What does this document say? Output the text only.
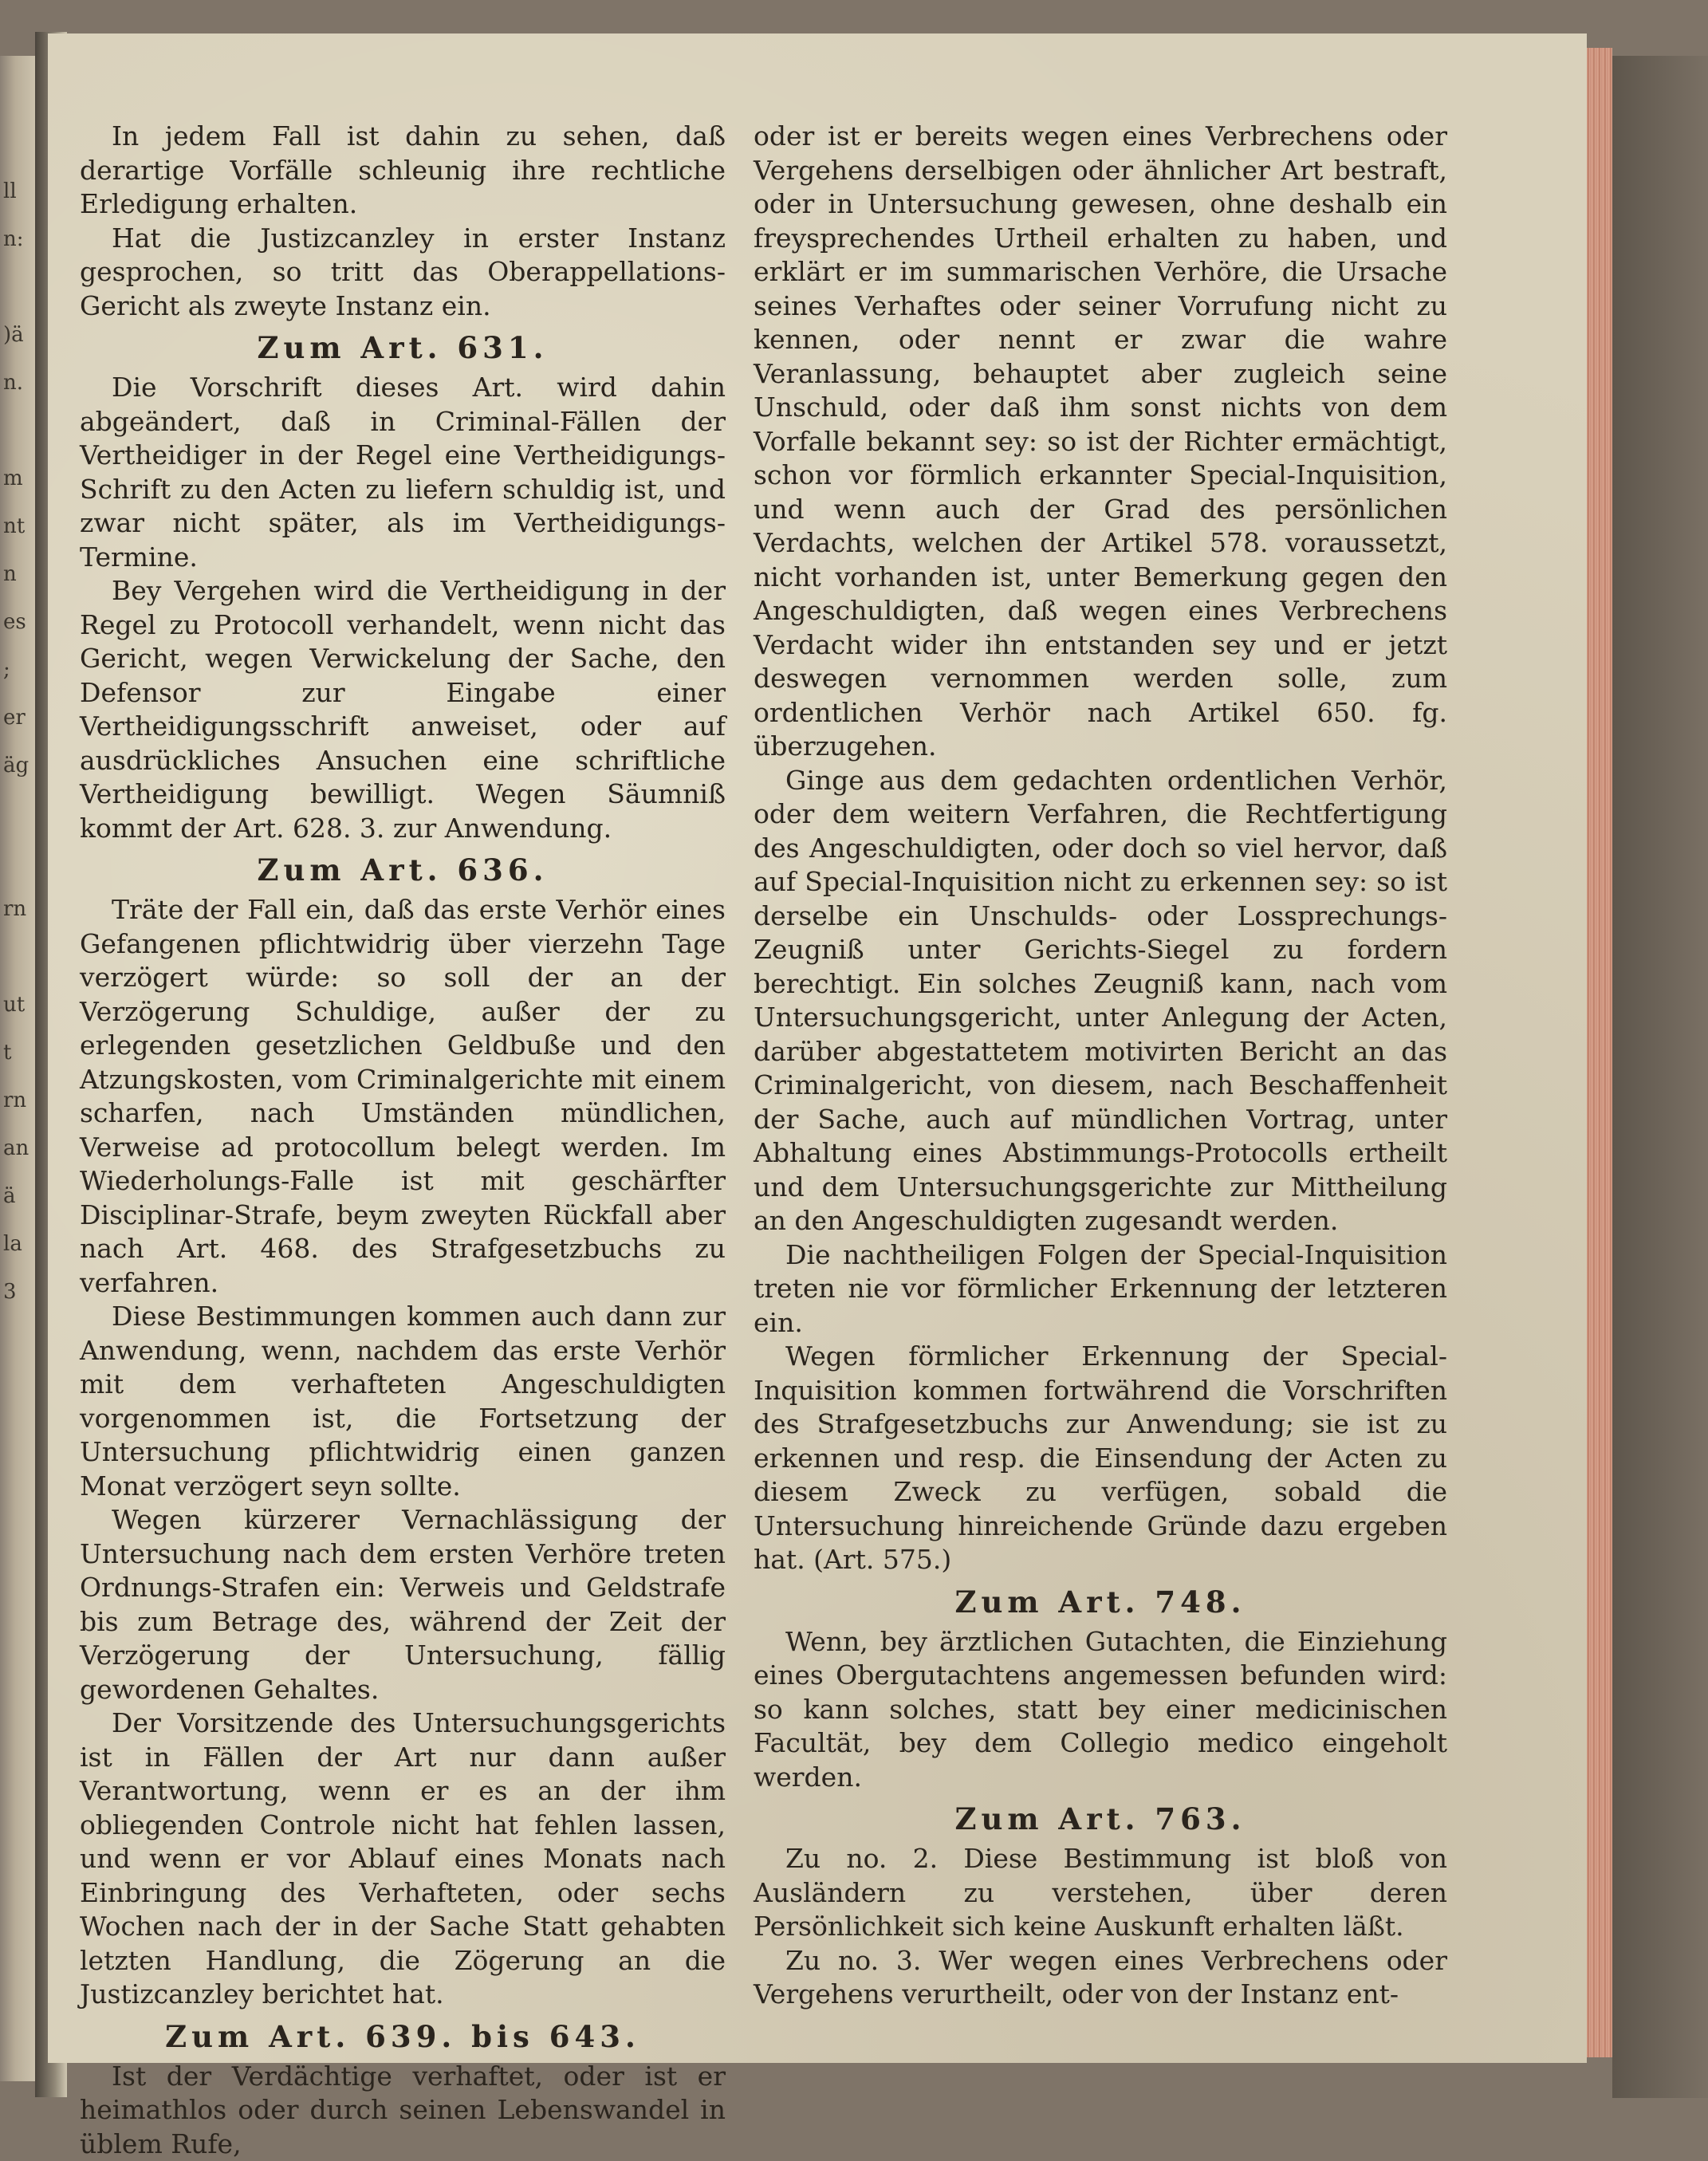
ll
n:

)ä
n.

m
nt
n
es
;
er
äg

rn

ut
t
rn
an
ä
la
3

In jedem Fall ist dahin zu sehen, daß derartige Vorfälle schleunig ihre rechtliche Erledigung erhalten.

Hat die Justizcanzley in erster Instanz gesprochen, so tritt das Oberappellations-Gericht als zweyte Instanz ein.

Zum Art. 631.

Die Vorschrift dieses Art. wird dahin abgeändert, daß in Criminal-Fällen der Vertheidiger in der Regel eine Vertheidigungs-Schrift zu den Acten zu liefern schuldig ist, und zwar nicht später, als im Vertheidigungs-Termine.

Bey Vergehen wird die Vertheidigung in der Regel zu Protocoll verhandelt, wenn nicht das Gericht, wegen Verwickelung der Sache, den Defensor zur Eingabe einer Vertheidigungsschrift anweiset, oder auf ausdrückliches Ansuchen eine schriftliche Vertheidigung bewilligt. Wegen Säumniß kommt der Art. 628. 3. zur Anwendung.

Zum Art. 636.

Träte der Fall ein, daß das erste Verhör eines Gefangenen pflichtwidrig über vierzehn Tage verzögert würde: so soll der an der Verzögerung Schuldige, außer der zu erlegenden gesetzlichen Geldbuße und den Atzungskosten, vom Criminalgerichte mit einem scharfen, nach Umständen mündlichen, Verweise ad protocollum belegt werden. Im Wiederholungs-Falle ist mit geschärfter Disciplinar-Strafe, beym zweyten Rückfall aber nach Art. 468. des Strafgesetzbuchs zu verfahren.

Diese Bestimmungen kommen auch dann zur Anwendung, wenn, nachdem das erste Verhör mit dem verhafteten Angeschuldigten vorgenommen ist, die Fortsetzung der Untersuchung pflichtwidrig einen ganzen Monat verzögert seyn sollte.

Wegen kürzerer Vernachlässigung der Untersuchung nach dem ersten Verhöre treten Ordnungs-Strafen ein: Verweis und Geldstrafe bis zum Betrage des, während der Zeit der Verzögerung der Untersuchung, fällig gewordenen Gehaltes.

Der Vorsitzende des Untersuchungsgerichts ist in Fällen der Art nur dann außer Verantwortung, wenn er es an der ihm obliegenden Controle nicht hat fehlen lassen, und wenn er vor Ablauf eines Monats nach Einbringung des Verhafteten, oder sechs Wochen nach der in der Sache Statt gehabten letzten Handlung, die Zögerung an die Justizcanzley berichtet hat.

Zum Art. 639. bis 643.

Ist der Verdächtige verhaftet, oder ist er heimathlos oder durch seinen Lebenswandel in üblem Rufe,

oder ist er bereits wegen eines Verbrechens oder Vergehens derselbigen oder ähnlicher Art bestraft, oder in Untersuchung gewesen, ohne deshalb ein freysprechendes Urtheil erhalten zu haben, und erklärt er im summarischen Verhöre, die Ursache seines Verhaftes oder seiner Vorrufung nicht zu kennen, oder nennt er zwar die wahre Veranlassung, behauptet aber zugleich seine Unschuld, oder daß ihm sonst nichts von dem Vorfalle bekannt sey: so ist der Richter ermächtigt, schon vor förmlich erkannter Special-Inquisition, und wenn auch der Grad des persönlichen Verdachts, welchen der Artikel 578. voraussetzt, nicht vorhanden ist, unter Bemerkung gegen den Angeschuldigten, daß wegen eines Verbrechens Verdacht wider ihn entstanden sey und er jetzt deswegen vernommen werden solle, zum ordentlichen Verhör nach Artikel 650. fg. überzugehen.

Ginge aus dem gedachten ordentlichen Verhör, oder dem weitern Verfahren, die Rechtfertigung des Angeschuldigten, oder doch so viel hervor, daß auf Special-Inquisition nicht zu erkennen sey: so ist derselbe ein Unschulds- oder Lossprechungs-Zeugniß unter Gerichts-Siegel zu fordern berechtigt. Ein solches Zeugniß kann, nach vom Untersuchungsgericht, unter Anlegung der Acten, darüber abgestattetem motivirten Bericht an das Criminalgericht, von diesem, nach Beschaffenheit der Sache, auch auf mündlichen Vortrag, unter Abhaltung eines Abstimmungs-Protocolls ertheilt und dem Untersuchungsgerichte zur Mittheilung an den Angeschuldigten zugesandt werden.

Die nachtheiligen Folgen der Special-Inquisition treten nie vor förmlicher Erkennung der letzteren ein.

Wegen förmlicher Erkennung der Special-Inquisition kommen fortwährend die Vorschriften des Strafgesetzbuchs zur Anwendung; sie ist zu erkennen und resp. die Einsendung der Acten zu diesem Zweck zu verfügen, sobald die Untersuchung hinreichende Gründe dazu ergeben hat. (Art. 575.)

Zum Art. 748.

Wenn, bey ärztlichen Gutachten, die Einziehung eines Obergutachtens angemessen befunden wird: so kann solches, statt bey einer medicinischen Facultät, bey dem Collegio medico eingeholt werden.

Zum Art. 763.

Zu no. 2. Diese Bestimmung ist bloß von Ausländern zu verstehen, über deren Persönlichkeit sich keine Auskunft erhalten läßt.

Zu no. 3. Wer wegen eines Verbrechens oder Vergehens verurtheilt, oder von der Instanz ent-
